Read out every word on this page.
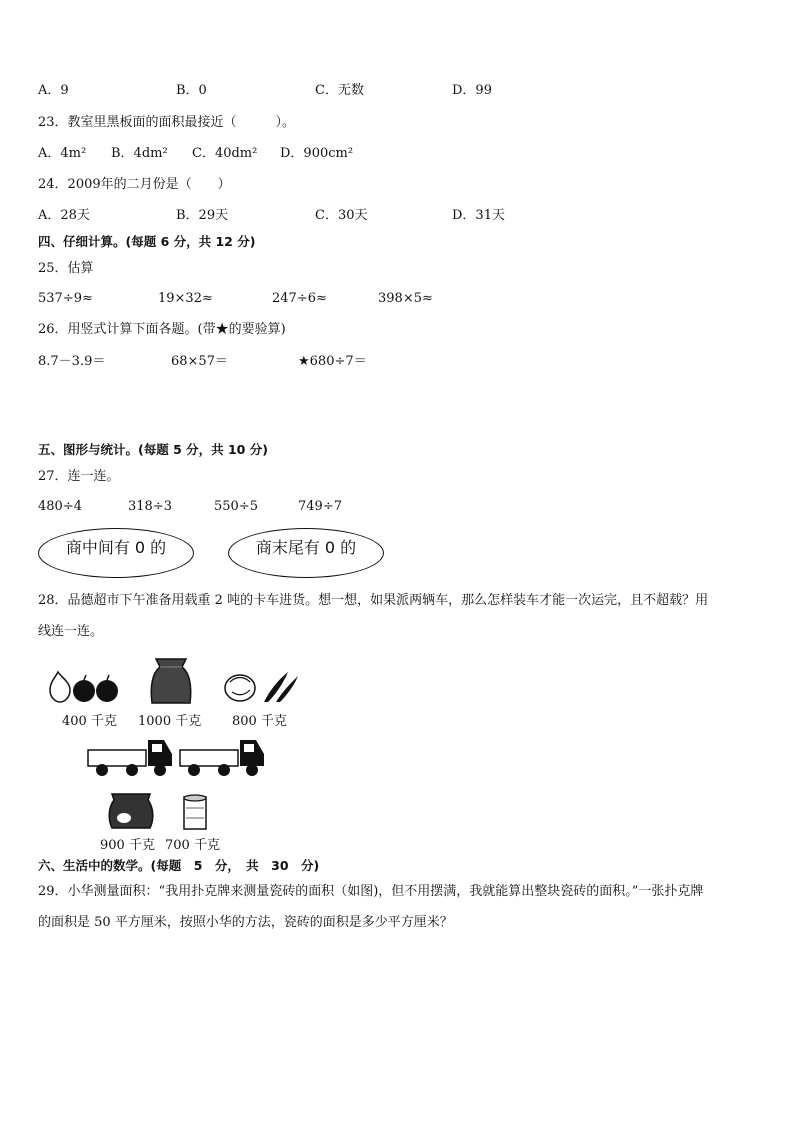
A．9	B．0	C．无数	D．99
23．教室里黑板面的面积最接近（　　　）。
A．4m² B．4dm² C．40dm² D．900cm²
24．2009年的二月份是（　　）
A．28天	B．29天	C．30天	D．31天
四、仔细计算。(每题 6 分，共 12 分)
25．估算
537÷9≈	19×32≈	247÷6≈	398×5≈
26．用竖式计算下面各题。(带★的要验算)
8.7－3.9＝	68×57＝	★680÷7＝
五、图形与统计。(每题 5 分，共 10 分)
27．连一连。
480÷4	318÷3	550÷5	749÷7
商中间有 0 的	商末尾有 0 的
28．品德超市下午准备用载重 2 吨的卡车进货。想一想，如果派两辆车，那么怎样装车才能一次运完，且不超载？用
线连一连。
400 千克 1000 千克 800 千克
900 千克 700 千克
六、生活中的数学。(每题　5　分，　共　30　分)
29．小华测量面积：“我用扑克牌来测量瓷砖的面积（如图)，但不用摆满，我就能算出整块瓷砖的面积。”一张扑克牌
的面积是 50 平方厘米，按照小华的方法，瓷砖的面积是多少平方厘米？
